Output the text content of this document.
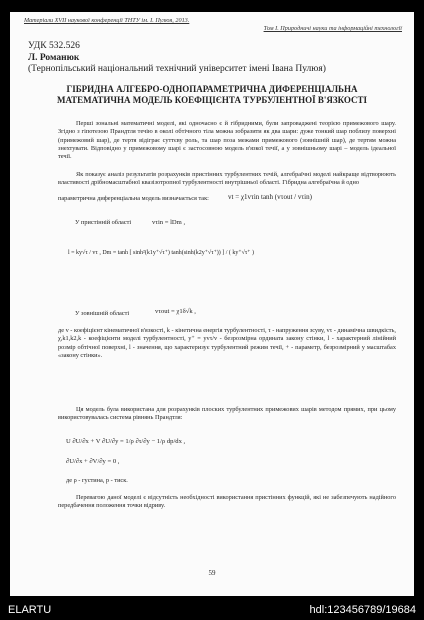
Матеріали XVІІ наукової конференції ТНТУ ім. І. Пулюя, 2013.
Том І. Природничі науки та інформаційні технології
УДК 532.526
Л. Романюк
(Тернопільський національний технічний університет імені Івана Пулюя)
ГІБРИДНА АЛГЕБРО-ОДНОПАРАМЕТРИЧНА ДИФЕРЕНЦІАЛЬНА МАТЕМАТИЧНА МОДЕЛЬ КОЕФІЦІЄНТА ТУРБУЛЕНТНОЇ В'ЯЗКОСТІ
Перші зональні математичні моделі, які одночасно є й гібридними, були запроваджені теорією примежового шару. Згідно з гіпотезою Прандтля течію в околі обтічного тіла можна зобразити як два шари: дуже тонкий шар поблизу поверхні (примежовий шар), де тертя відіграє суттєву роль, та шар поза межами примежового (зовнішній шар), де тертям можна знехтувати. Відповідно у примежовому шарі є застосовною модель в'язкої течії, а у зовнішньому шарі – модель ідеальної течії.
Як показує аналіз результатів розрахунків пристінних турбулентних течій, алгебраїчні моделі найкраще відтворюють властивості дрібномасштабної квазізотропної турбулентності внутрішньої області. Гібридна алгебраїчна й одно
параметрична диференціальна модель визначається так:	vt = χ1vτin tanh (vτout / vτin)
У пристінній області	vτin = lDm ,
l = ky√τ / vτ , Dm = tanh [ sinh²(k1y⁺√τ⁺) tanh(sinh(k2y⁺√τ⁺)) ] / ( ky⁺√τ⁺ )
У зовнішній області	vτout = χ1δ√k ,
де v - коефіцієнт кінематичної в'язкості, k - кінетична енергія турбулентності, τ - напруження зсуву, vτ - динамічна швидкість, χ,k1,k2,k - коефіцієнти моделі турбулентності, y⁺ = yvτ/v - безрозмірна ордината закону стінки, l - характерний лінійний розмір обтічної поверхні, l - значення, що характеризує турбулентний режим течії, + - параметр, безрозмірний у масштабах «закону стінки».
Ця модель була використана для розрахунків плоских турбулентних примежових шарів методом прямих, при цьому використовувалась система рівнянь Прандтля:
U ∂U/∂x + V ∂U/∂y = 1/ρ ∂τ/∂y − 1/ρ dp/dx ,
∂U/∂x + ∂V/∂y = 0 ,
де ρ - густина, p - тиск.
Перевагою даної моделі є відсутність необхідності використання пристінних функцій, які не забезпечують надійного передбачення положення точки відриву.
59
ELARTU	hdl:123456789/19684
